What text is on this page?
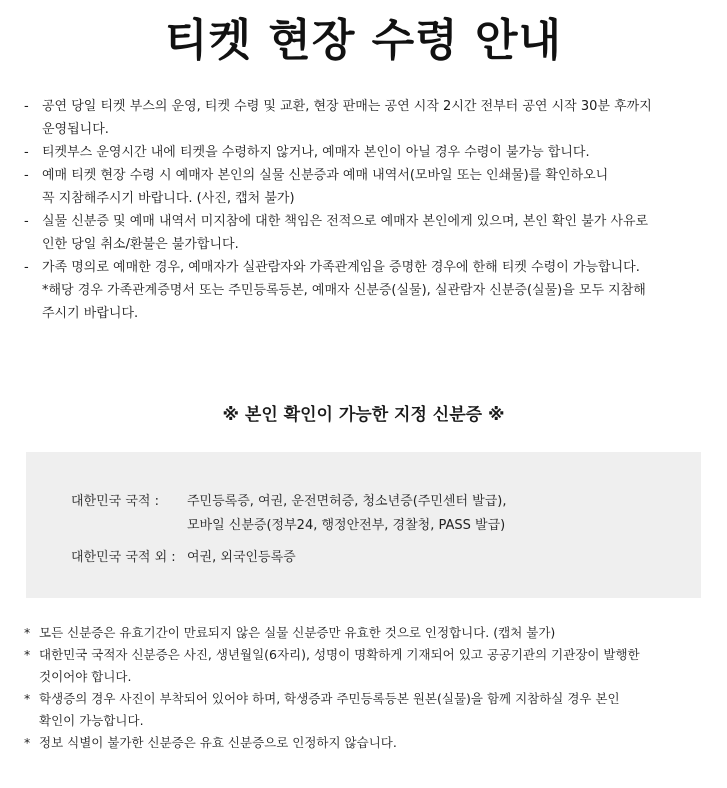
티켓 현장 수령 안내
- 공연 당일 티켓 부스의 운영, 티켓 수령 및 교환, 현장 판매는 공연 시작 2시간 전부터 공연 시작 30분 후까지
운영됩니다.
- 티켓부스 운영시간 내에 티켓을 수령하지 않거나, 예매자 본인이 아닐 경우 수령이 불가능 합니다.
- 예매 티켓 현장 수령 시 예매자 본인의 실물 신분증과 예매 내역서(모바일 또는 인쇄물)를 확인하오니
꼭 지참해주시기 바랍니다. (사진, 캡처 불가)
- 실물 신분증 및 예매 내역서 미지참에 대한 책임은 전적으로 예매자 본인에게 있으며, 본인 확인 불가 사유로
인한 당일 취소/환불은 불가합니다.
- 가족 명의로 예매한 경우, 예매자가 실관람자와 가족관계임을 증명한 경우에 한해 티켓 수령이 가능합니다.
*해당 경우 가족관계증명서 또는 주민등록등본, 예매자 신분증(실물), 실관람자 신분증(실물)을 모두 지참해
주시기 바랍니다.
※ 본인 확인이 가능한 지정 신분증 ※
대한민국 국적 : 주민등록증, 여권, 운전면허증, 청소년증(주민센터 발급),
모바일 신분증(정부24, 행정안전부, 경찰청, PASS 발급)
대한민국 국적 외 : 여권, 외국인등록증
* 모든 신분증은 유효기간이 만료되지 않은 실물 신분증만 유효한 것으로 인정합니다. (캡처 불가)
* 대한민국 국적자 신분증은 사진, 생년월일(6자리), 성명이 명확하게 기재되어 있고 공공기관의 기관장이 발행한
것이어야 합니다.
* 학생증의 경우 사진이 부착되어 있어야 하며, 학생증과 주민등록등본 원본(실물)을 함께 지참하실 경우 본인
확인이 가능합니다.
* 정보 식별이 불가한 신분증은 유효 신분증으로 인정하지 않습니다.
